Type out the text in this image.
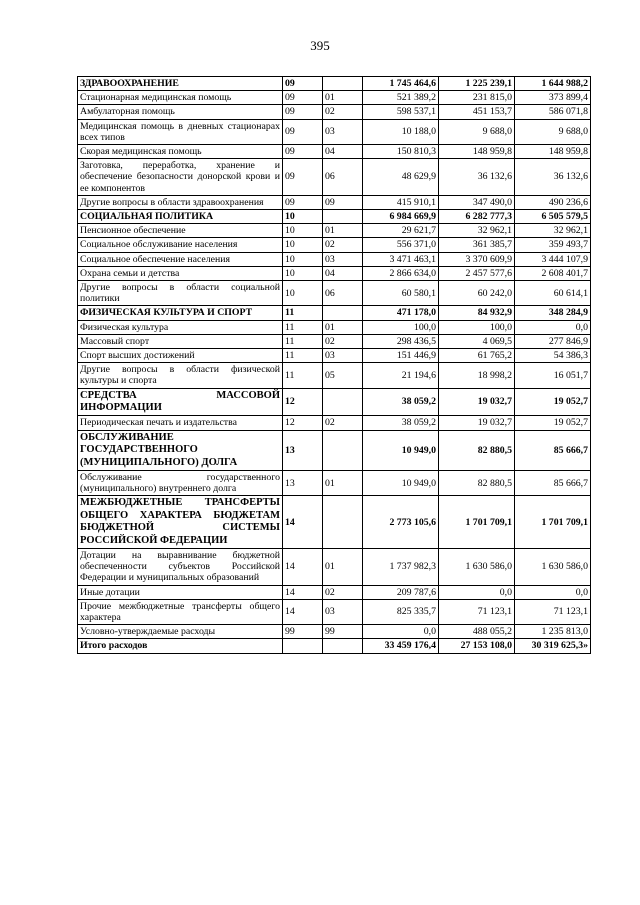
395
ЗДРАВООХРАНЕНИЕ	09		1 745 464,6	1 225 239,1	1 644 988,2
Стационарная медицинская помощь	09	01	521 389,2	231 815,0	373 899,4
Амбулаторная помощь	09	02	598 537,1	451 153,7	586 071,8
Медицинская помощь в дневных стационарах всех типов	09	03	10 188,0	9 688,0	9 688,0
Скорая медицинская помощь	09	04	150 810,3	148 959,8	148 959,8
Заготовка, переработка, хранение и обеспечение безопасности донорской крови и ее компонентов	09	06	48 629,9	36 132,6	36 132,6
Другие вопросы в области здравоохранения	09	09	415 910,1	347 490,0	490 236,6
СОЦИАЛЬНАЯ ПОЛИТИКА	10		6 984 669,9	6 282 777,3	6 505 579,5
Пенсионное обеспечение	10	01	29 621,7	32 962,1	32 962,1
Социальное обслуживание населения	10	02	556 371,0	361 385,7	359 493,7
Социальное обеспечение населения	10	03	3 471 463,1	3 370 609,9	3 444 107,9
Охрана семьи и детства	10	04	2 866 634,0	2 457 577,6	2 608 401,7
Другие вопросы в области социальной политики	10	06	60 580,1	60 242,0	60 614,1
ФИЗИЧЕСКАЯ КУЛЬТУРА И СПОРТ	11		471 178,0	84 932,9	348 284,9
Физическая культура	11	01	100,0	100,0	0,0
Массовый спорт	11	02	298 436,5	4 069,5	277 846,9
Спорт высших достижений	11	03	151 446,9	61 765,2	54 386,3
Другие вопросы в области физической культуры и спорта	11	05	21 194,6	18 998,2	16 051,7
СРЕДСТВА МАССОВОЙ ИНФОРМАЦИИ	12		38 059,2	19 032,7	19 052,7
Периодическая печать и издательства	12	02	38 059,2	19 032,7	19 052,7
ОБСЛУЖИВАНИЕ ГОСУДАРСТВЕННОГО (МУНИЦИПАЛЬНОГО) ДОЛГА	13		10 949,0	82 880,5	85 666,7
Обслуживание государственного (муниципального) внутреннего долга	13	01	10 949,0	82 880,5	85 666,7
МЕЖБЮДЖЕТНЫЕ ТРАНСФЕРТЫ ОБЩЕГО ХАРАКТЕРА БЮДЖЕТАМ БЮДЖЕТНОЙ СИСТЕМЫ РОССИЙСКОЙ ФЕДЕРАЦИИ	14		2 773 105,6	1 701 709,1	1 701 709,1
Дотации на выравнивание бюджетной обеспеченности субъектов Российской Федерации и муниципальных образований	14	01	1 737 982,3	1 630 586,0	1 630 586,0
Иные дотации	14	02	209 787,6	0,0	0,0
Прочие межбюджетные трансферты общего характера	14	03	825 335,7	71 123,1	71 123,1
Условно-утверждаемые расходы	99	99	0,0	488 055,2	1 235 813,0
Итого расходов			33 459 176,4	27 153 108,0	30 319 625,3»
